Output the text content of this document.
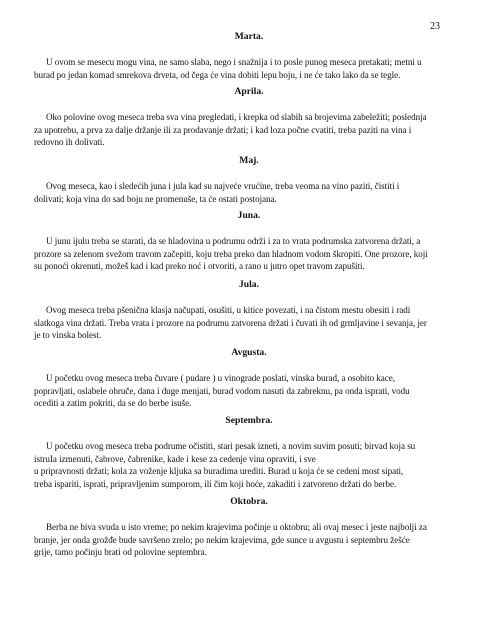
23
Marta.

U ovom se mesecu mogu vina, ne samo slaba, nego i snažnija i to posle punog meseca pretakati; metni u
burad po jedan komad smrekova drveta, od čega će vina dobiti lepu boju, i ne će tako lako da se tegle.

Aprila.

Oko polovine ovog meseca treba sva vina pregledati, i krepka od slabih sa brojevima zabeležiti; poslednja
za upotrebu, a prva za dalje držanje ili za prodavanje držati; i kad loza počne cvatiti, treba paziti na vina i
redovno ih dolivati.

Maj.

Ovog meseca, kao i sledećih juna i jula kad su najveće vrućine, treba veoma na vino paziti, čistiti i
dolivati; koja vina do sad boju ne promenuše, ta će ostati postojana.

Juna.

U junu ijulu treba se starati, da se hladovina u podrumu održi i za to vrata podrumska zatvorena držati, a
prozore sa zelenom svežom travom začepiti, koju treba preko dan hladnom vodom škropiti. One prozore, koji
su ponoći okrenuti, možeš kad i kad preko noć i otvoriti, a rano u jutro opet travom zapušiti.

Jula.

Ovog meseca treba pšenična klasja načupati, osušiti, u kitice povezati, i na čistom mestu obesiti i radi
slatkoga vina držati. Treba vrata i prozore na podrumu zatvorena držati i čuvati ih od grmljavine i sevanja, jer
je to vinska bolest.

Avgusta.

U početku ovog meseca treba čuvare ( pudare ) u vinograde poslati, vinska burad, a osobito kace,
popravljati, oslabele obruče, dana i duge menjati, burad vodom nasuti da zabreknu, pa onda isprati, vodu
ocediti a zatim pokriti, da se do berbe isuše.

Septembra.

U početku ovog meseca treba podrume očistiti, stari pesak izneti, a novim suvim posuti; birvad koja su
istruIa izmenuti, čabrove, čabrenike, kade i kese za cedenje vina opraviti, i sve
u pripravnosti držati; kola za voženje kljuka sa buradima urediti. Burad u koja će se cedeni most sipati,
treba isparitì, isprati, pripravljenim sumporom, ili čim koji hoće, zakaditi i zatvoreno držati do berbe.

Oktobra.

Berba ne biva svuda u isto vreme; po nekim krajevima počinje u oktobru; ali ovaj mesec i jeste najbolji za
branje, jer onda grožđe bude savršeno zrelo; po nekim krajevima, gde sunce u avgustu i septembru žešće
grije, tamo počinju brati od polovine septembra.
